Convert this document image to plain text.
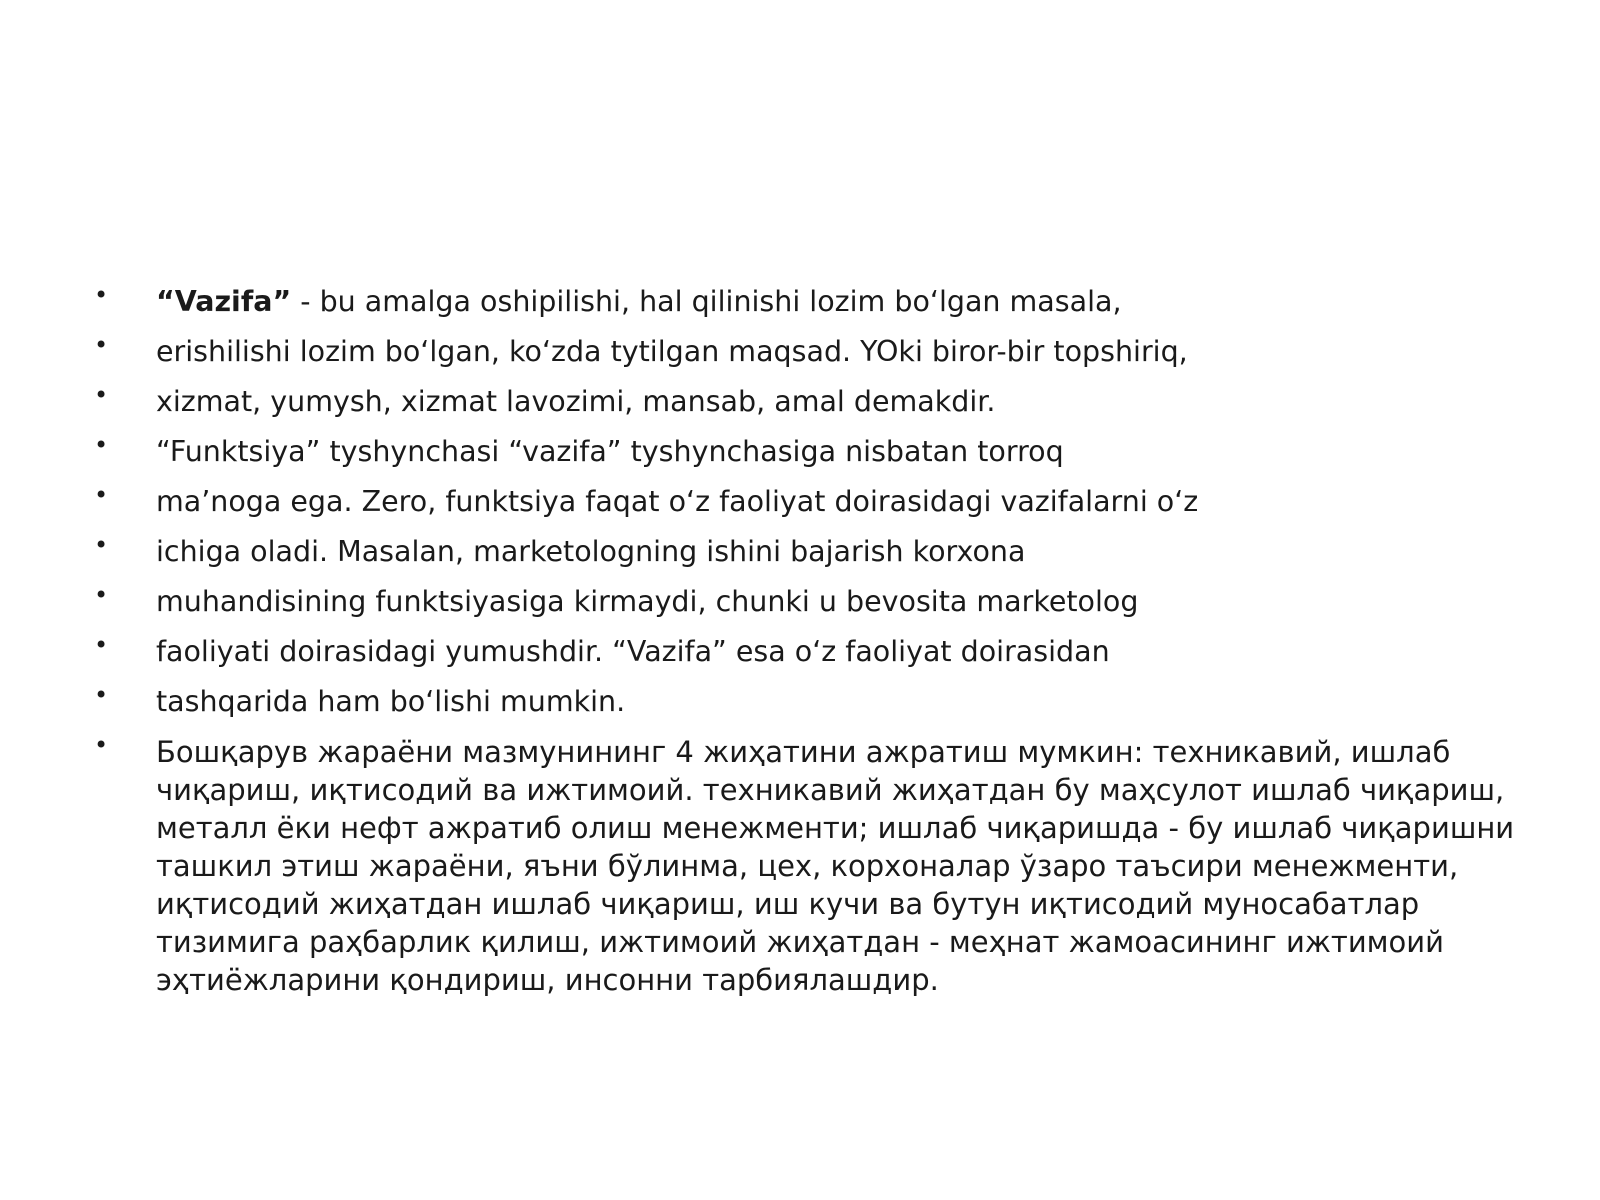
•	“Vazifa” - bu amalga oshipilishi, hal qilinishi lozim bo‘lgan masala,
•	erishilishi lozim bo‘lgan, ko‘zda tytilgan maqsad. YOki biror-bir topshiriq,
•	xizmat, yumysh, xizmat lavozimi, mansab, amal demakdir.
•	“Funktsiya” tyshynchasi “vazifa” tyshynchasiga nisbatan torroq
•	ma’noga ega. Zero, funktsiya faqat o‘z faoliyat doirasidagi vazifalarni o‘z
•	ichiga oladi. Masalan, marketologning ishini bajarish korxona
•	muhandisining funktsiyasiga kirmaydi, chunki u bevosita marketolog
•	faoliyati doirasidagi yumushdir. “Vazifa” esa o‘z faoliyat doirasidan
•	tashqarida ham bo‘lishi mumkin.
•	Бошқарув жараёни мазмунининг 4 жиҳатини ажратиш мумкин: техникавий, ишлаб чиқариш, иқтисодий ва ижтимоий. техникавий жиҳатдан бу маҳсулот ишлаб чиқариш, металл ёки нефт ажратиб олиш менежменти; ишлаб чиқаришда - бу ишлаб чиқаришни ташкил этиш жараёни, яъни бўлинма, цех, корхоналар ўзаро таъсири менежменти, иқтисодий жиҳатдан ишлаб чиқариш, иш кучи ва бутун иқтисодий муносабатлар тизимига раҳбарлик қилиш, ижтимоий жиҳатдан - меҳнат жамоасининг ижтимоий эҳтиёжларини қондириш, инсонни тарбиялашдир.
